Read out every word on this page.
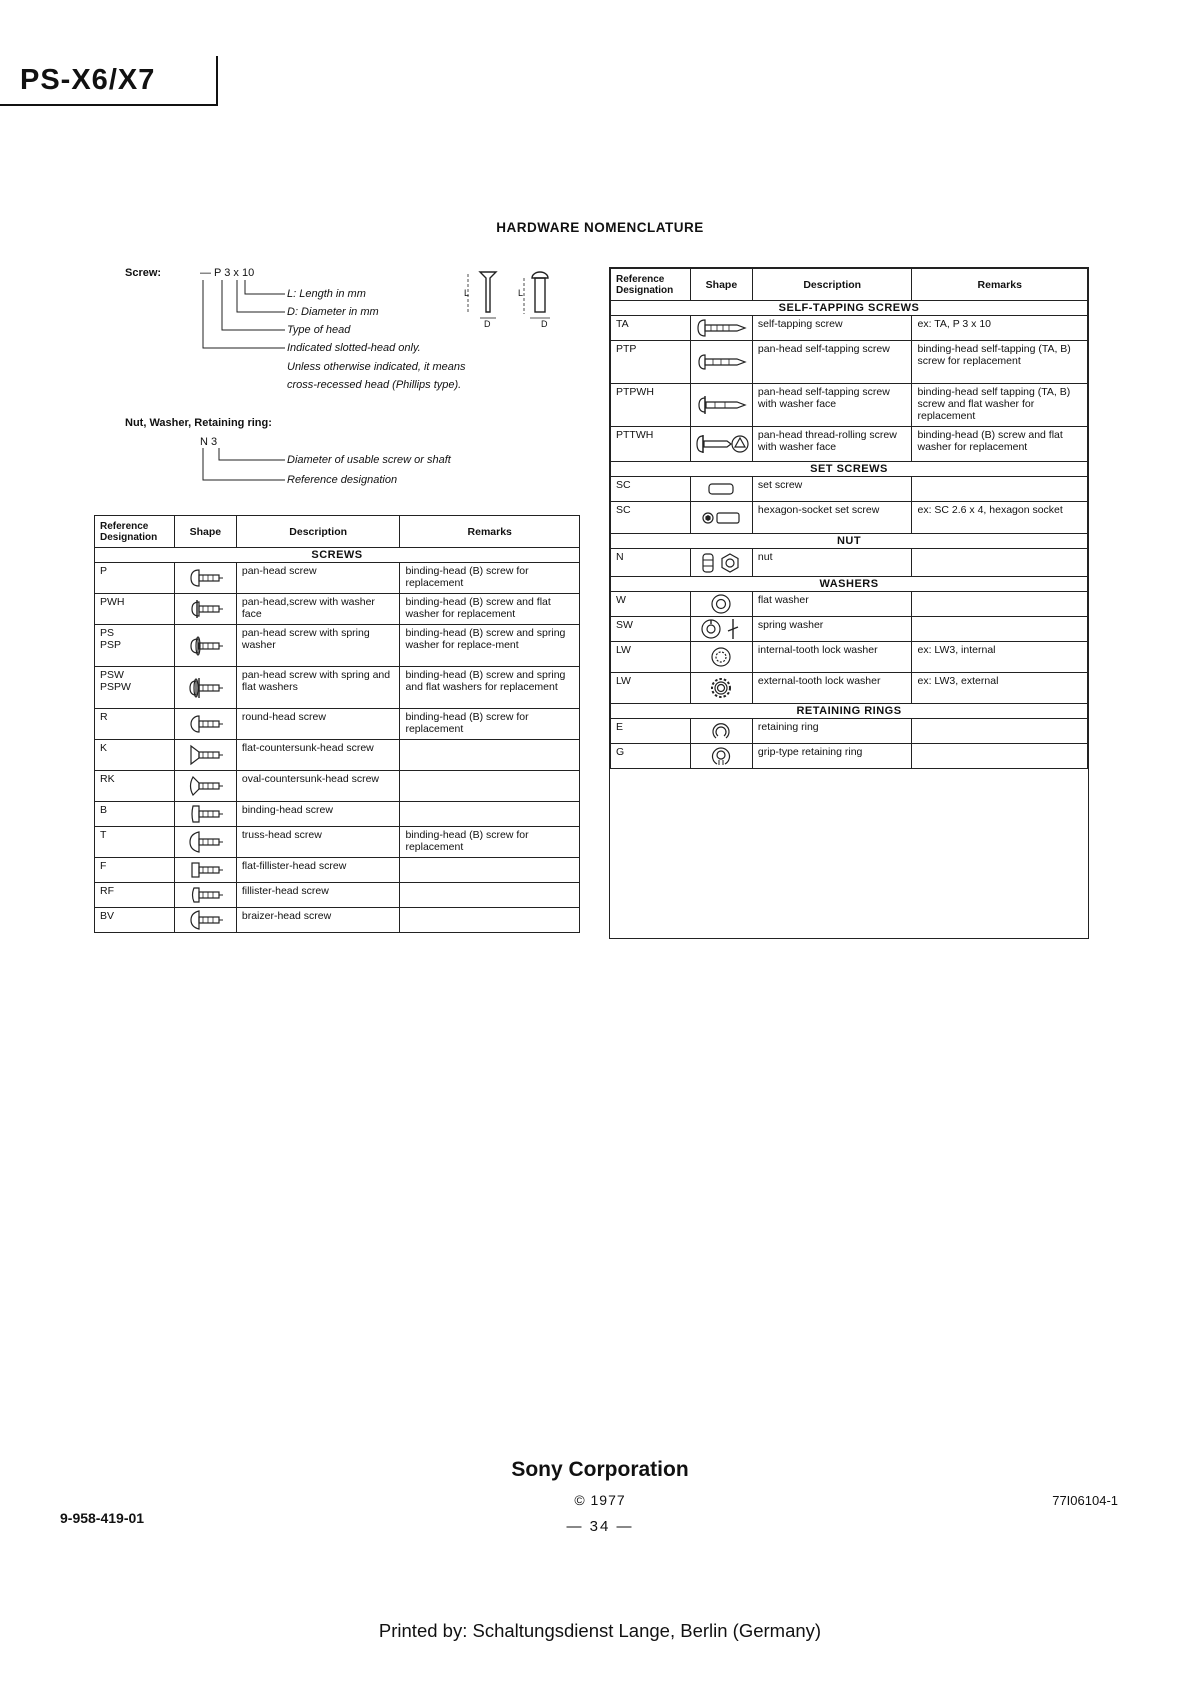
PS-X6/X7
HARDWARE NOMENCLATURE
Screw:	— P 3 x 10
L: Length in mm
D: Diameter in mm
Type of head
Indicated slotted-head only.
Unless otherwise indicated, it means
cross-recessed head (Phillips type).
L	L
D	D
Nut, Washer, Retaining ring:
N 3
Diameter of usable screw or shaft
Reference designation
Reference Designation	Shape	Description	Remarks
SCREWS			
P		pan-head screw	binding-head (B) screw for replacement
PWH		pan-head,screw with washer face	binding-head (B) screw and flat washer for replacement
PS
PSP		pan-head screw with spring washer	binding-head (B) screw and spring washer for replace-ment
PSW
PSPW		pan-head screw with spring and flat washers	binding-head (B) screw and spring and flat washers for replacement
R		round-head screw	binding-head (B) screw for replacement
K		flat-countersunk-head screw	
RK		oval-countersunk-head screw	
B		binding-head screw	
T		truss-head screw	binding-head (B) screw for replacement
F		flat-fillister-head screw	
RF		fillister-head screw	
BV		braizer-head screw	
Reference Designation	Shape	Description	Remarks
SELF-TAPPING SCREWS			
TA		self-tapping screw	ex: TA, P 3 x 10
PTP		pan-head self-tapping screw	binding-head self-tapping (TA, B) screw for replacement
PTPWH		pan-head self-tapping screw with washer face	binding-head self tapping (TA, B) screw and flat washer for replacement
PTTWH		pan-head thread-rolling screw with washer face	binding-head (B) screw and flat washer for replacement
SET SCREWS			
SC		set screw	
SC		hexagon-socket set screw	ex: SC 2.6 x 4, hexagon socket
NUT			
N		nut	
WASHERS			
W		flat washer	
SW		spring washer	
LW		internal-tooth lock washer	ex: LW3, internal
LW		external-tooth lock washer	ex: LW3, external
RETAINING RINGS			
E		retaining ring	
G		grip-type retaining ring	
Sony Corporation
© 1977
— 34 —
9-958-419-01
77I06104-1
Printed by: Schaltungsdienst Lange, Berlin (Germany)
